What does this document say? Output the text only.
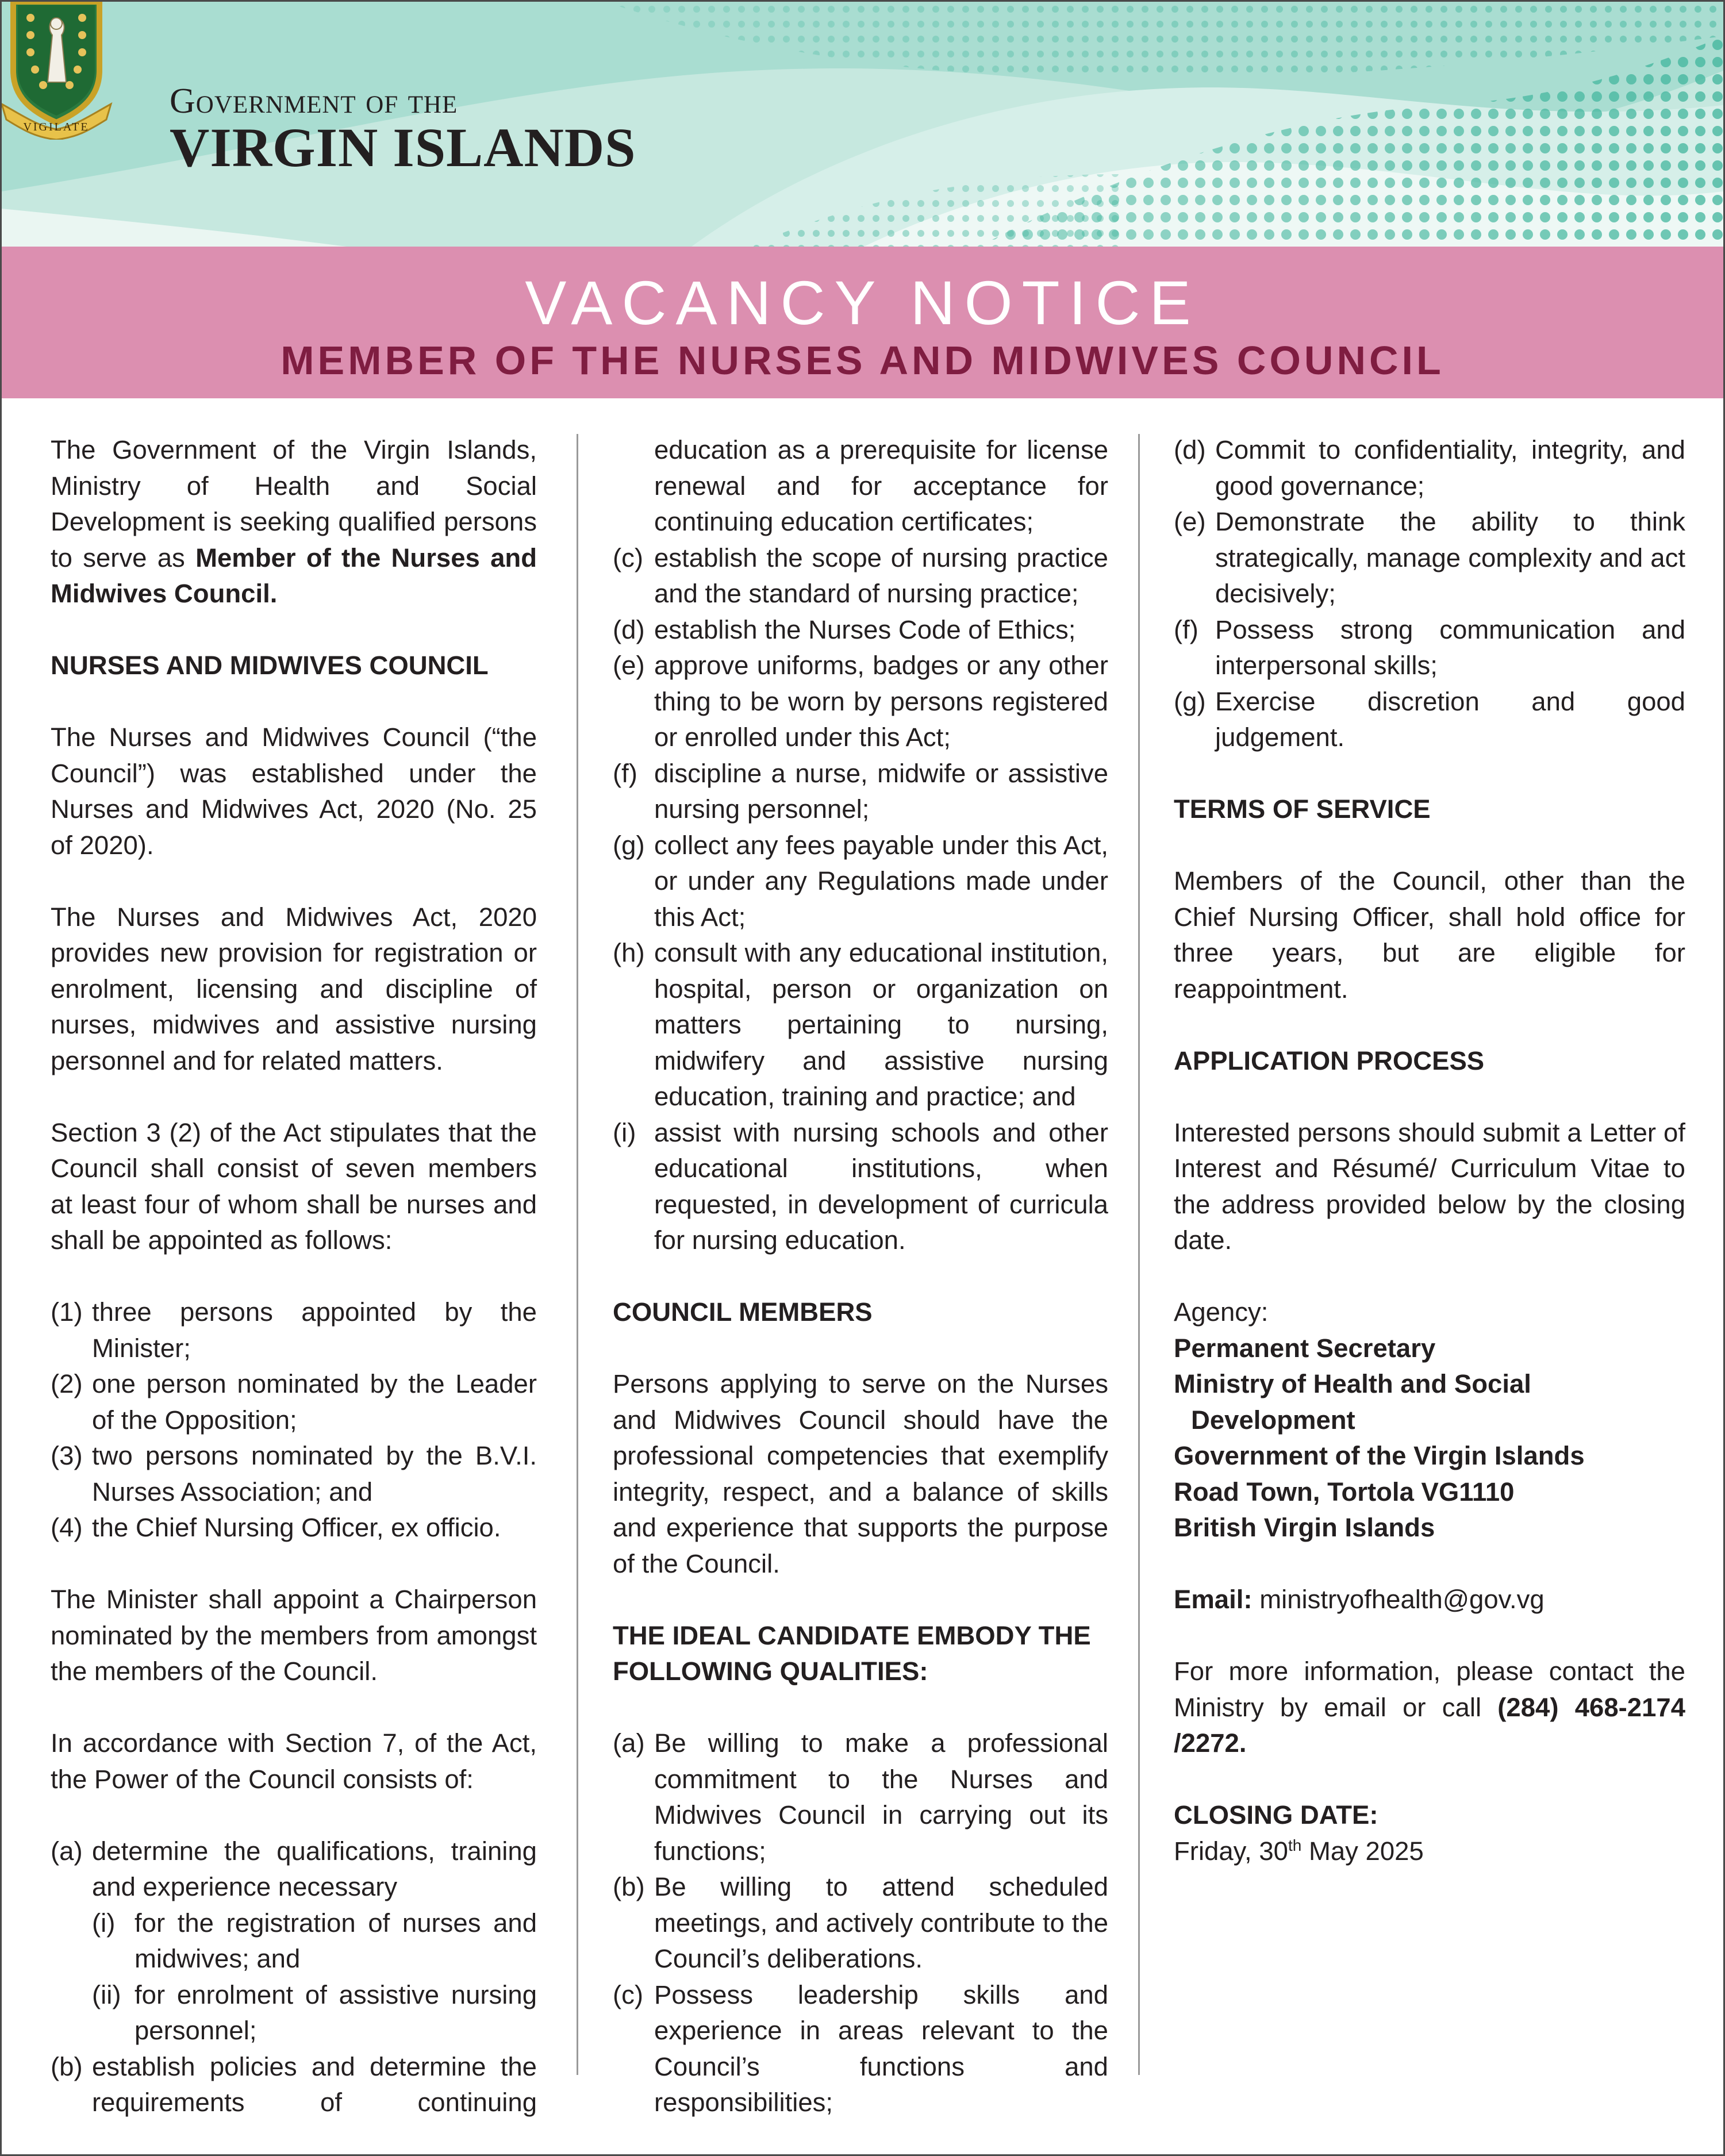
VIGILATE
Government of the
VIRGIN ISLANDS
VACANCY NOTICE
MEMBER OF THE NURSES AND MIDWIVES COUNCIL

The Government of the Virgin Islands, Ministry of Health and Social Development is seeking qualified persons to serve as Member of the Nurses and Midwives Council.

NURSES AND MIDWIVES COUNCIL

The Nurses and Midwives Council (“the Council”) was established under the Nurses and Midwives Act, 2020 (No. 25 of 2020).

The Nurses and Midwives Act, 2020 provides new provision for registration or enrolment, licensing and discipline of nurses, midwives and assistive nursing personnel and for related matters.

Section 3 (2) of the Act stipulates that the Council shall consist of seven members at least four of whom shall be nurses and shall be appointed as follows:

(1) three persons appointed by the Minister;
(2) one person nominated by the Leader of the Opposition;
(3) two persons nominated by the B.V.I. Nurses Association; and
(4) the Chief Nursing Officer, ex officio.

The Minister shall appoint a Chairperson nominated by the members from amongst the members of the Council.

In accordance with Section 7, of the Act, the Power of the Council consists of:

(a) determine the qualifications, training and experience necessary
(i) for the registration of nurses and midwives; and
(ii) for enrolment of assistive nursing personnel;
(b) establish policies and determine the requirements of continuing
education as a prerequisite for license renewal and for acceptance for continuing education certificates;
(c) establish the scope of nursing practice and the standard of nursing practice;
(d) establish the Nurses Code of Ethics;
(e) approve uniforms, badges or any other thing to be worn by persons registered or enrolled under this Act;
(f) discipline a nurse, midwife or assistive nursing personnel;
(g) collect any fees payable under this Act, or under any Regulations made under this Act;
(h) consult with any educational institution, hospital, person or organization on matters pertaining to nursing, midwifery and assistive nursing education, training and practice; and
(i) assist with nursing schools and other educational institutions, when requested, in development of curricula for nursing education.

COUNCIL MEMBERS

Persons applying to serve on the Nurses and Midwives Council should have the professional competencies that exemplify integrity, respect, and a balance of skills and experience that supports the purpose of the Council.

THE IDEAL CANDIDATE EMBODY THE FOLLOWING QUALITIES:

(a) Be willing to make a professional commitment to the Nurses and Midwives Council in carrying out its functions;
(b) Be willing to attend scheduled meetings, and actively contribute to the Council’s deliberations.
(c) Possess leadership skills and experience in areas relevant to the Council’s functions and responsibilities;
(d) Commit to confidentiality, integrity, and good governance;
(e) Demonstrate the ability to think strategically, manage complexity and act decisively;
(f) Possess strong communication and interpersonal skills;
(g) Exercise discretion and good judgement.

TERMS OF SERVICE

Members of the Council, other than the Chief Nursing Officer, shall hold office for three years, but are eligible for reappointment.

APPLICATION PROCESS

Interested persons should submit a Letter of Interest and Résumé/ Curriculum Vitae to the address provided below by the closing date.

Agency:
Permanent Secretary
Ministry of Health and Social
Development
Government of the Virgin Islands
Road Town, Tortola VG1110
British Virgin Islands

Email: ministryofhealth@gov.vg

For more information, please contact the Ministry by email or call (284) 468-2174 /2272.

CLOSING DATE:
Friday, 30th May 2025
